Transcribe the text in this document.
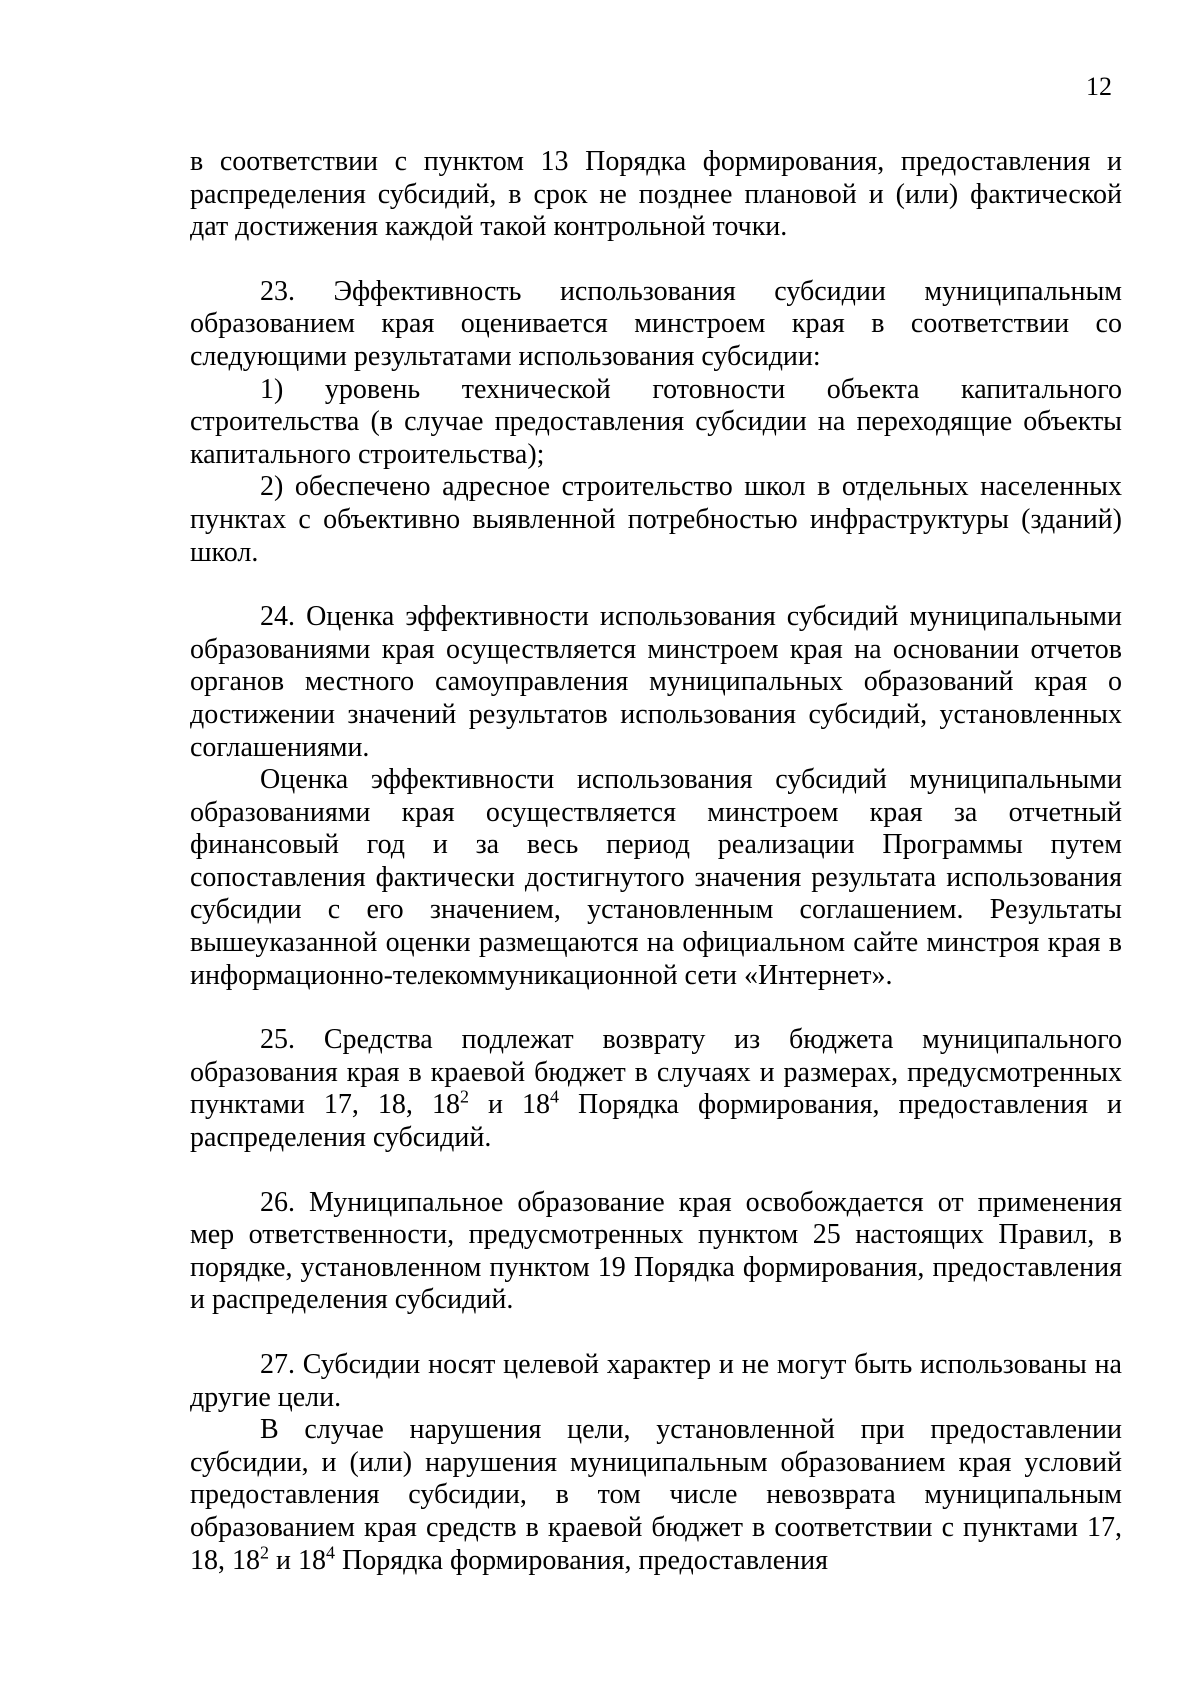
12

в соответствии с пунктом 13 Порядка формирования, предоставления и распределения субсидий, в срок не позднее плановой и (или) фактической дат достижения каждой такой контрольной точки.

23. Эффективность использования субсидии муниципальным образованием края оценивается минстроем края в соответствии со следующими результатами использования субсидии:

1) уровень технической готовности объекта капитального строительства (в случае предоставления субсидии на переходящие объекты капитального строительства);

2) обеспечено адресное строительство школ в отдельных населенных пунктах с объективно выявленной потребностью инфраструктуры (зданий) школ.

24. Оценка эффективности использования субсидий муниципальными образованиями края осуществляется минстроем края на основании отчетов органов местного самоуправления муниципальных образований края о достижении значений результатов использования субсидий, установленных соглашениями.

Оценка эффективности использования субсидий муниципальными образованиями края осуществляется минстроем края за отчетный финансовый год и за весь период реализации Программы путем сопоставления фактически достигнутого значения результата использования субсидии с его значением, установленным соглашением. Результаты вышеуказанной оценки размещаются на официальном сайте минстроя края в информационно-телекоммуникационной сети «Интернет».

25. Средства подлежат возврату из бюджета муниципального образования края в краевой бюджет в случаях и размерах, предусмотренных пунктами 17, 18, $18^2$ и $18^4$ Порядка формирования, предоставления и распределения субсидий.

26. Муниципальное образование края освобождается от применения мер ответственности, предусмотренных пунктом 25 настоящих Правил, в порядке, установленном пунктом 19 Порядка формирования, предоставления и распределения субсидий.

27. Субсидии носят целевой характер и не могут быть использованы на другие цели.

В случае нарушения цели, установленной при предоставлении субсидии, и (или) нарушения муниципальным образованием края условий предоставления субсидии, в том числе невозврата муниципальным образованием края средств в краевой бюджет в соответствии с пунктами 17, 18, $18^2$ и $18^4$ Порядка формирования, предоставления
